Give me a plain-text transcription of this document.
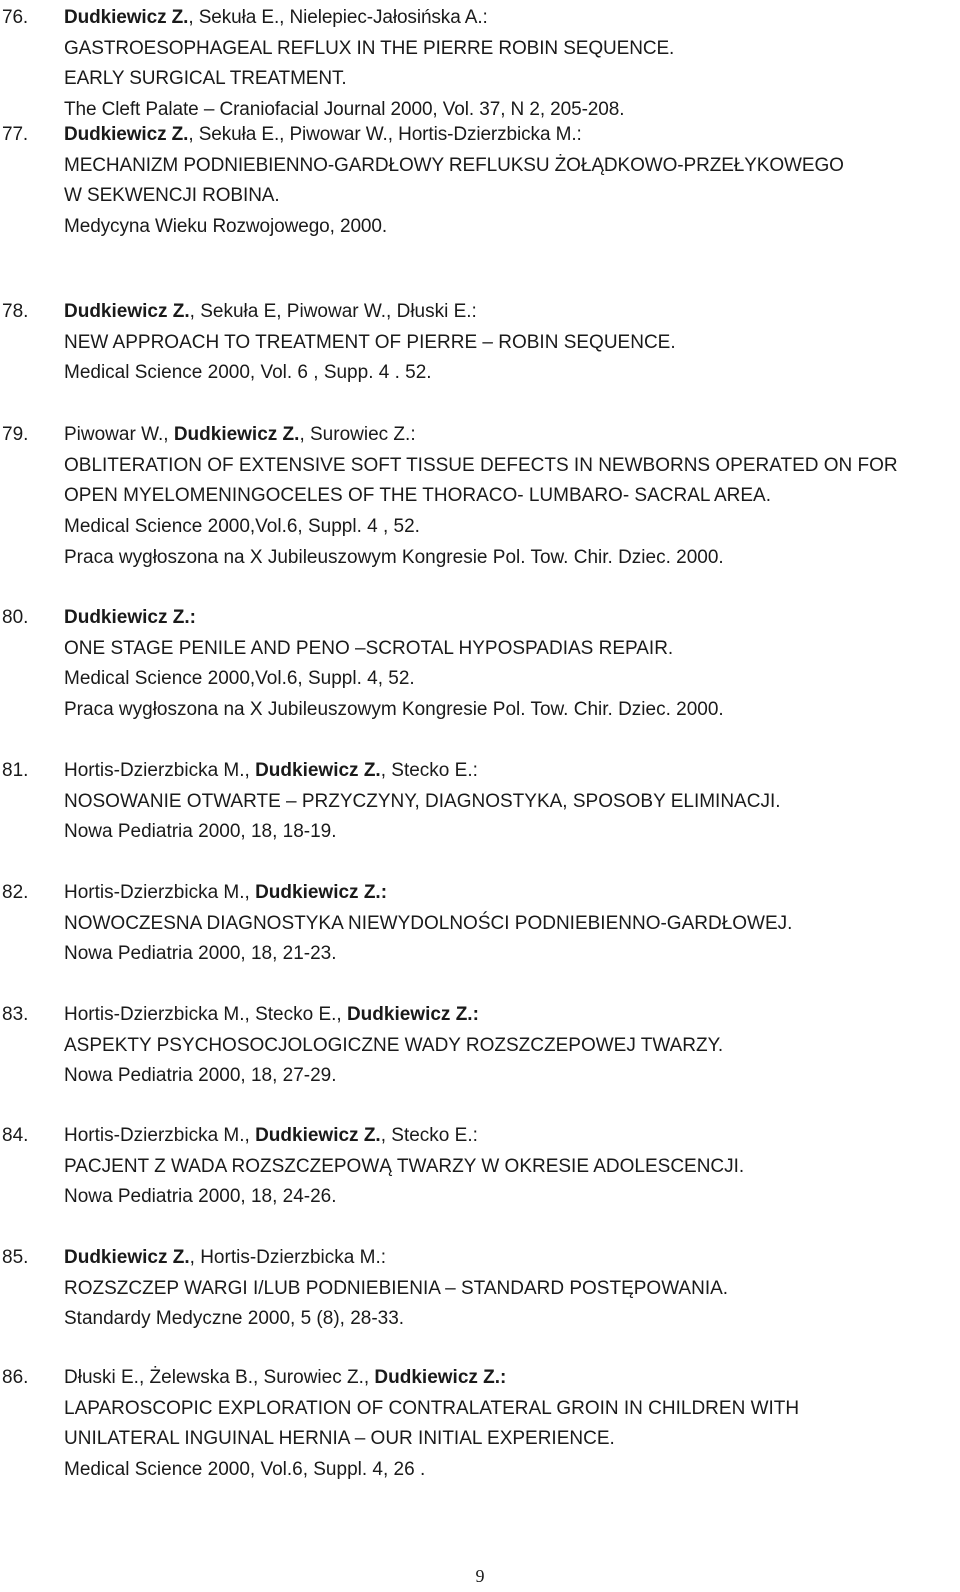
76. Dudkiewicz Z., Sekuła E., Nielepiec-Jałosińska A.:
GASTROESOPHAGEAL REFLUX IN THE PIERRE ROBIN SEQUENCE.
EARLY SURGICAL TREATMENT.
The Cleft Palate – Craniofacial Journal 2000, Vol. 37, N 2, 205-208.
77. Dudkiewicz Z., Sekuła E., Piwowar W., Hortis-Dzierzbicka M.:
MECHANIZM PODNIEBIENNO-GARDŁOWY REFLUKSU ŻOŁĄDKOWO-PRZEŁYKOWEGO
W SEKWENCJI ROBINA.
Medycyna Wieku Rozwojowego, 2000.
78. Dudkiewicz Z., Sekuła E, Piwowar W., Dłuski E.:
NEW APPROACH TO TREATMENT OF PIERRE – ROBIN SEQUENCE.
Medical Science 2000, Vol. 6 , Supp. 4 . 52.
79. Piwowar W., Dudkiewicz Z., Surowiec Z.:
OBLITERATION OF EXTENSIVE SOFT TISSUE DEFECTS IN NEWBORNS OPERATED ON FOR
OPEN MYELOMENINGOCELES OF THE THORACO- LUMBARO- SACRAL AREA.
Medical Science 2000,Vol.6, Suppl. 4 , 52.
Praca wygłoszona na X Jubileuszowym Kongresie Pol. Tow. Chir. Dziec. 2000.
80. Dudkiewicz Z.:
ONE STAGE PENILE AND PENO –SCROTAL HYPOSPADIAS REPAIR.
Medical Science 2000,Vol.6, Suppl. 4, 52.
Praca wygłoszona na X Jubileuszowym Kongresie Pol. Tow. Chir. Dziec. 2000.
81. Hortis-Dzierzbicka M., Dudkiewicz Z., Stecko E.:
NOSOWANIE OTWARTE – PRZYCZYNY, DIAGNOSTYKA, SPOSOBY ELIMINACJI.
Nowa Pediatria 2000, 18, 18-19.
82. Hortis-Dzierzbicka M., Dudkiewicz Z.:
NOWOCZESNA DIAGNOSTYKA NIEWYDOLNOŚCI PODNIEBIENNO-GARDŁOWEJ.
Nowa Pediatria 2000, 18, 21-23.
83. Hortis-Dzierzbicka M., Stecko E., Dudkiewicz Z.:
ASPEKTY PSYCHOSOCJOLOGICZNE WADY ROZSZCZEPOWEJ TWARZY.
Nowa Pediatria 2000, 18, 27-29.
84. Hortis-Dzierzbicka M., Dudkiewicz Z., Stecko E.:
PACJENT Z WADA ROZSZCZEPOWĄ TWARZY W OKRESIE ADOLESCENCJI.
Nowa Pediatria 2000, 18, 24-26.
85. Dudkiewicz Z., Hortis-Dzierzbicka M.:
ROZSZCZEP WARGI I/LUB PODNIEBIENIA – STANDARD POSTĘPOWANIA.
Standardy Medyczne 2000, 5 (8), 28-33.
86. Dłuski E., Żelewska B., Surowiec Z., Dudkiewicz Z.:
LAPAROSCOPIC EXPLORATION OF CONTRALATERAL GROIN IN CHILDREN WITH
UNILATERAL INGUINAL HERNIA – OUR INITIAL EXPERIENCE.
Medical Science 2000, Vol.6, Suppl. 4, 26 .
9
